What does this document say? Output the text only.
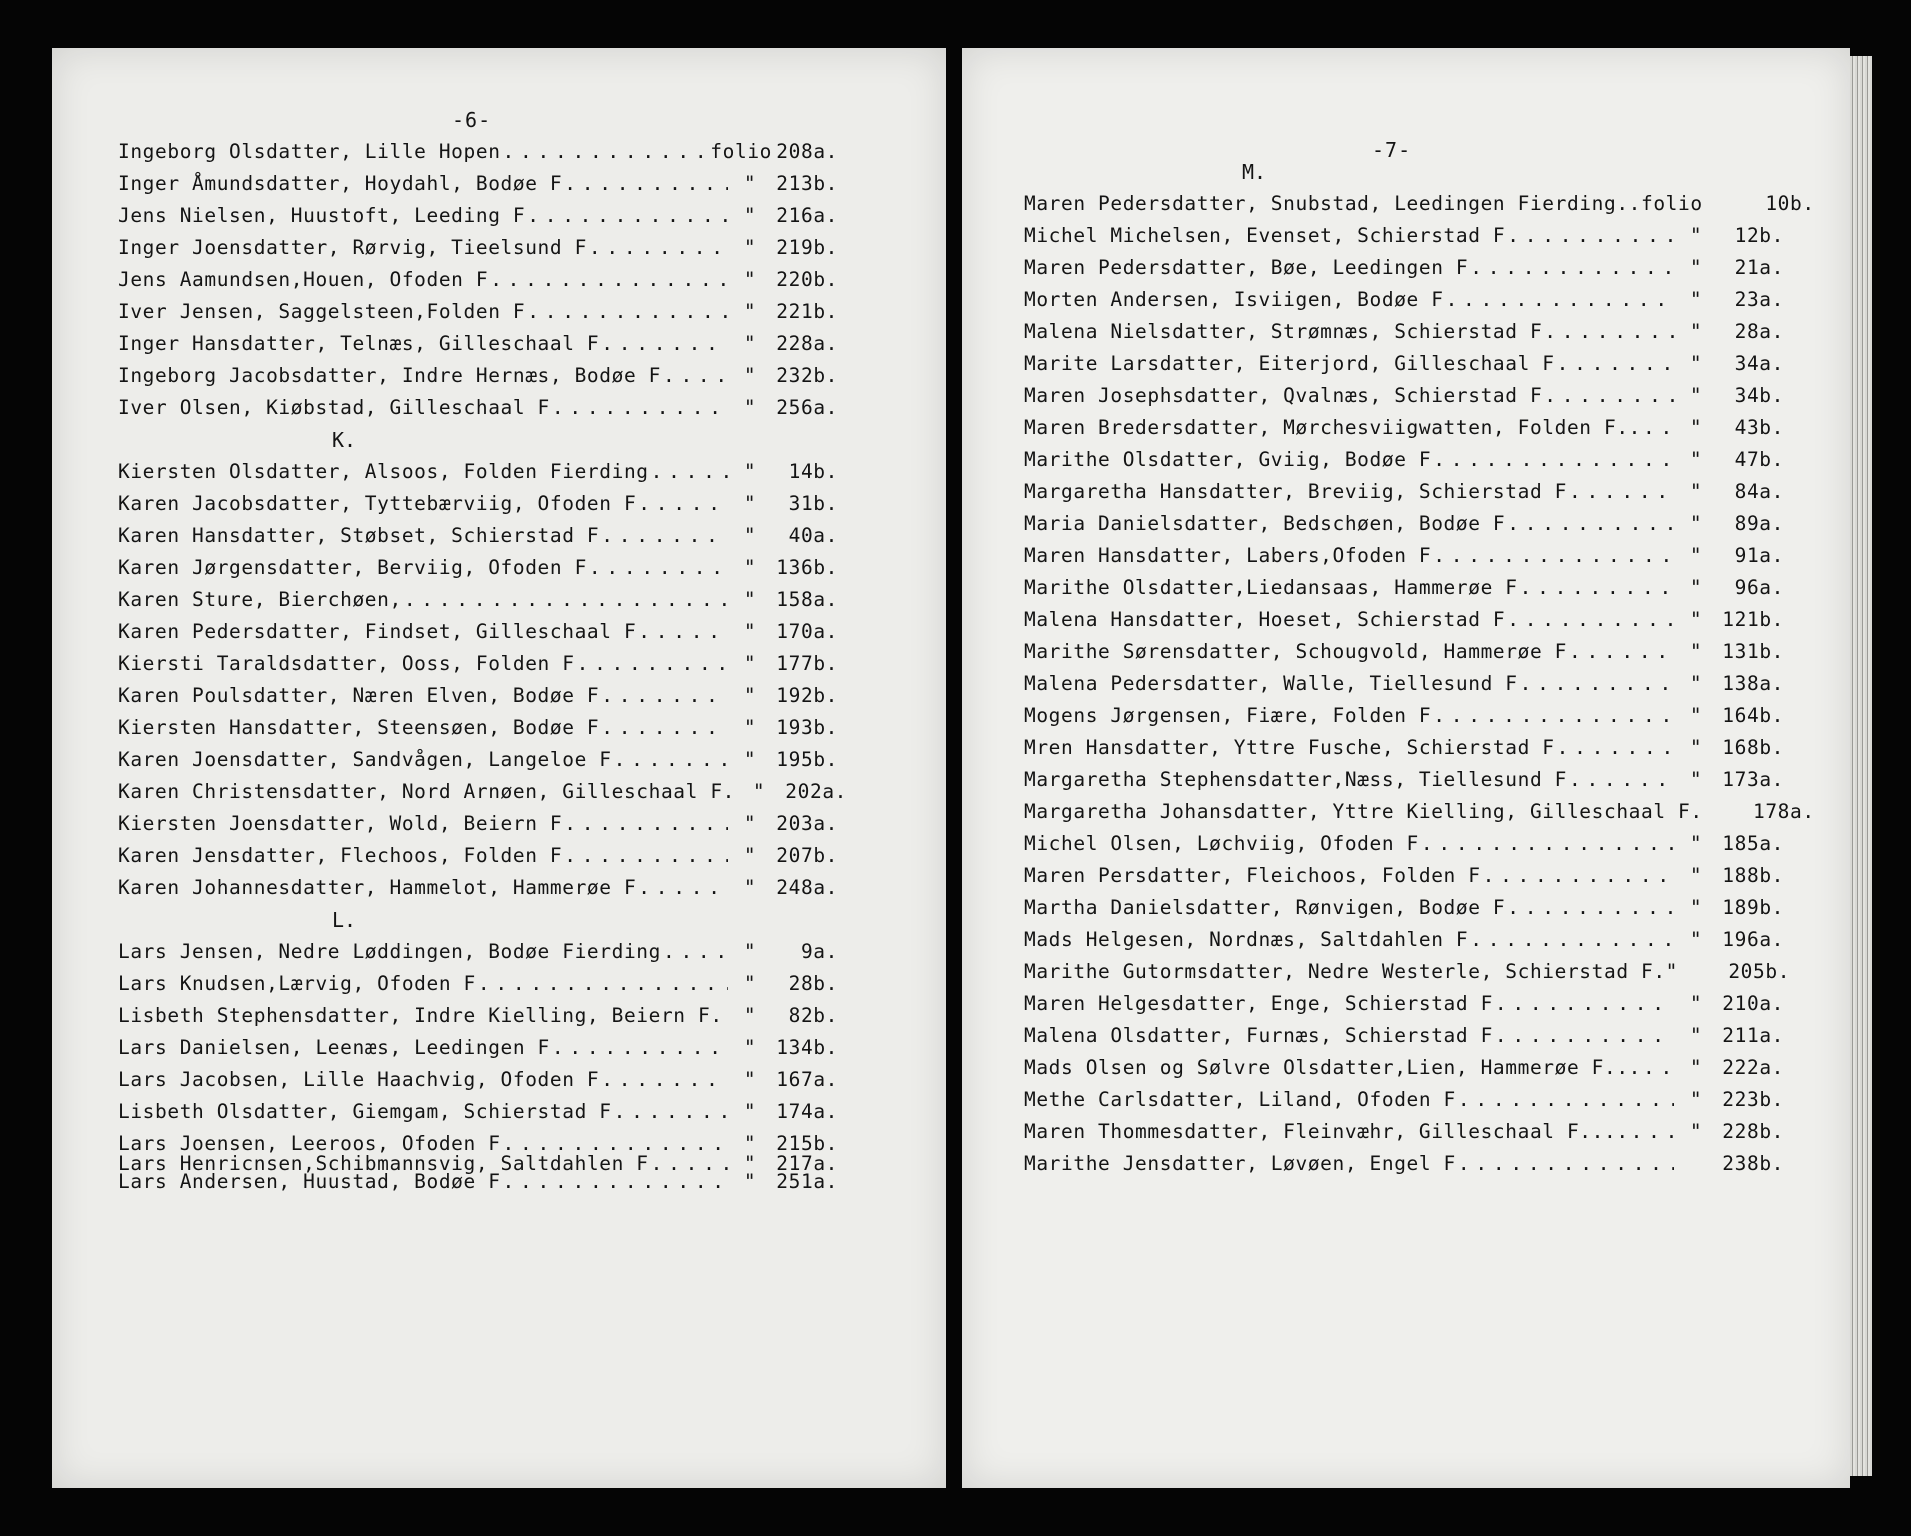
-6-
Ingeborg Olsdatter, Lille Hopen . . .	folio 208a.
Inger Åmundsdatter, Hoydahl, Bodøe F . . .	"	213b.
Jens Nielsen, Huustoft, Leeding F . . .	"	216a.
Inger Joensdatter, Rørvig, Tieelsund F . . .	"	219b.
Jens Aamundsen,Houen, Ofoden F . . .	"	220b.
Iver Jensen, Saggelsteen,Folden F . . .	"	221b.
Inger Hansdatter, Telnæs, Gilleschaal F . . .	"	228a.
Ingeborg Jacobsdatter, Indre Hernæs, Bodøe F . . .	"	232b.
Iver Olsen, Kiøbstad, Gilleschaal F . . .	"	256a.
K.
Kiersten Olsdatter, Alsoos, Folden Fierding . . .	"	14b.
Karen Jacobsdatter, Tyttebærviig, Ofoden F . . .	"	31b.
Karen Hansdatter, Støbset, Schierstad F . . .	"	40a.
Karen Jørgensdatter, Berviig, Ofoden F . . .	"	136b.
Karen Sture, Bierchøen, . . .	"	158a.
Karen Pedersdatter, Findset, Gilleschaal F . . .	"	170a.
Kiersti Taraldsdatter, Ooss, Folden F . . .	"	177b.
Karen Poulsdatter, Næren Elven, Bodøe F . . .	"	192b.
Kiersten Hansdatter, Steensøen, Bodøe F . . .	"	193b.
Karen Joensdatter, Sandvågen, Langeloe F . . .	"	195b.
Karen Christensdatter, Nord Arnøen, Gilleschaal F. "	202a.
Kiersten Joensdatter, Wold, Beiern F . . .	"	203a.
Karen Jensdatter, Flechoos, Folden F . . .	"	207b.
Karen Johannesdatter, Hammelot, Hammerøe F . . .	"	248a.
L.
Lars Jensen, Nedre Løddingen, Bodøe Fierding . . .	"	9a.
Lars Knudsen,Lærvig, Ofoden F . . .	"	28b.
Lisbeth Stephensdatter, Indre Kielling, Beiern F. . . .	"	82b.
Lars Danielsen, Leenæs, Leedingen F . . .	"	134b.
Lars Jacobsen, Lille Haachvig, Ofoden F . . .	"	167a.
Lisbeth Olsdatter, Giemgam, Schierstad F . . .	"	174a.
Lars Joensen, Leeroos, Ofoden F . . .	"	215b.
Lars Henricnsen,Schibmannsvig, Saltdahlen F . . .	"	217a.
Lars Andersen, Huustad, Bodøe F . . .	"	251a.
-7-
M.
Maren Pedersdatter, Snubstad, Leedingen Fierding..folio	10b.
Michel Michelsen, Evenset, Schierstad F . . .	"	12b.
Maren Pedersdatter, Bøe, Leedingen F . . .	"	21a.
Morten Andersen, Isviigen, Bodøe F . . .	"	23a.
Malena Nielsdatter, Strømnæs, Schierstad F . . .	"	28a.
Marite Larsdatter, Eiterjord, Gilleschaal F . . .	"	34a.
Maren Josephsdatter, Qvalnæs, Schierstad F . . .	"	34b.
Maren Bredersdatter, Mørchesviigwatten, Folden F.. . . .	"	43b.
Marithe Olsdatter, Gviig, Bodøe F . . .	"	47b.
Margaretha Hansdatter, Breviig, Schierstad F . . .	"	84a.
Maria Danielsdatter, Bedschøen, Bodøe F . . .	"	89a.
Maren Hansdatter, Labers,Ofoden F . . .	"	91a.
Marithe Olsdatter,Liedansaas, Hammerøe F . . .	"	96a.
Malena Hansdatter, Hoeset, Schierstad F . . .	"	121b.
Marithe Sørensdatter, Schougvold, Hammerøe F . . .	"	131b.
Malena Pedersdatter, Walle, Tiellesund F . . .	"	138a.
Mogens Jørgensen, Fiære, Folden F . . .	"	164b.
Mren Hansdatter, Yttre Fusche, Schierstad F . . .	"	168b.
Margaretha Stephensdatter,Næss, Tiellesund F . . .	"	173a.
Margaretha Johansdatter, Yttre Kielling, Gilleschaal F.	178a.
Michel Olsen, Løchviig, Ofoden F . . .	"	185a.
Maren Persdatter, Fleichoos, Folden F . . .	"	188b.
Martha Danielsdatter, Rønvigen, Bodøe F . . .	"	189b.
Mads Helgesen, Nordnæs, Saltdahlen F . . .	"	196a.
Marithe Gutormsdatter, Nedre Westerle, Schierstad F."	205b.
Maren Helgesdatter, Enge, Schierstad F . . .	"	210a.
Malena Olsdatter, Furnæs, Schierstad F . . .	"	211a.
Mads Olsen og Sølvre Olsdatter,Lien, Hammerøe F... . . .	"	222a.
Methe Carlsdatter, Liland, Ofoden F . . .	"	223b.
Maren Thommesdatter, Fleinvæhr, Gilleschaal F.... . . .	"	228b.
Marithe Jensdatter, Løvøen, Engel F . . .	238b.
